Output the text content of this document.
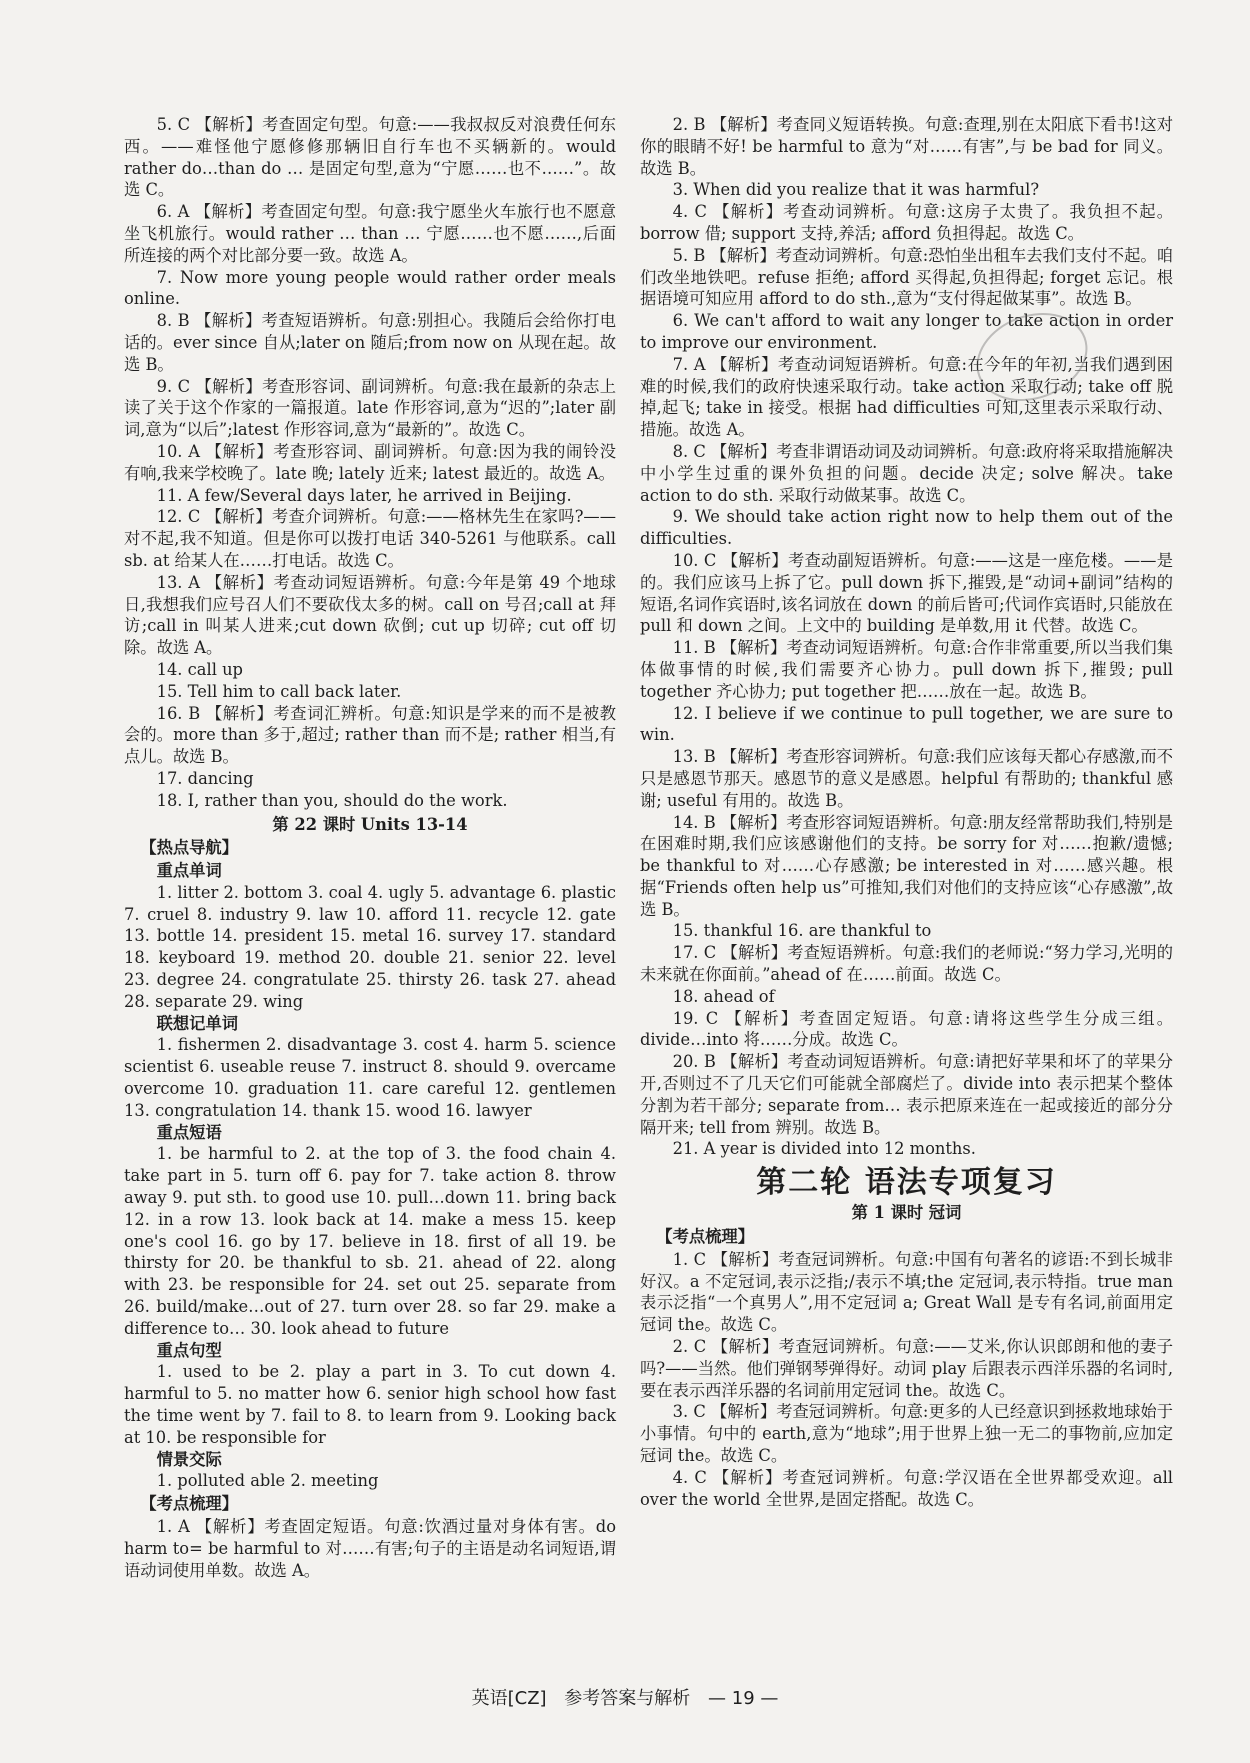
5. C 【解析】考查固定句型。句意:——我叔叔反对浪费任何东西。——难怪他宁愿修修那辆旧自行车也不买辆新的。would rather do…than do … 是固定句型,意为“宁愿……也不……”。故选 C。

6. A 【解析】考查固定句型。句意:我宁愿坐火车旅行也不愿意坐飞机旅行。would rather … than … 宁愿……也不愿……,后面所连接的两个对比部分要一致。故选 A。

7. Now more young people would rather order meals online.

8. B 【解析】考查短语辨析。句意:别担心。我随后会给你打电话的。ever since 自从;later on 随后;from now on 从现在起。故选 B。

9. C 【解析】考查形容词、副词辨析。句意:我在最新的杂志上读了关于这个作家的一篇报道。late 作形容词,意为“迟的”;later 副词,意为“以后”;latest 作形容词,意为“最新的”。故选 C。

10. A 【解析】考查形容词、副词辨析。句意:因为我的闹铃没有响,我来学校晚了。late 晚; lately 近来; latest 最近的。故选 A。

11. A few/Several days later, he arrived in Beijing.

12. C 【解析】考查介词辨析。句意:——格林先生在家吗?——对不起,我不知道。但是你可以拨打电话 340-5261 与他联系。call sb. at 给某人在……打电话。故选 C。

13. A 【解析】考查动词短语辨析。句意:今年是第 49 个地球日,我想我们应号召人们不要砍伐太多的树。call on 号召;call at 拜访;call in 叫某人进来;cut down 砍倒; cut up 切碎; cut off 切除。故选 A。

14. call up

15. Tell him to call back later.

16. B 【解析】考查词汇辨析。句意:知识是学来的而不是被教会的。more than 多于,超过; rather than 而不是; rather 相当,有点儿。故选 B。

17. dancing

18. I, rather than you, should do the work.

第 22 课时 Units 13-14
【热点导航】
重点单词

1. litter 2. bottom 3. coal 4. ugly 5. advantage 6. plastic 7. cruel 8. industry 9. law 10. afford 11. recycle 12. gate 13. bottle 14. president 15. metal 16. survey 17. standard 18. keyboard 19. method 20. double 21. senior 22. level 23. degree 24. congratulate 25. thirsty 26. task 27. ahead 28. separate 29. wing

联想记单词

1. fishermen 2. disadvantage 3. cost 4. harm 5. science scientist 6. useable reuse 7. instruct 8. should 9. overcame overcome 10. graduation 11. care careful 12. gentlemen 13. congratulation 14. thank 15. wood 16. lawyer

重点短语

1. be harmful to 2. at the top of 3. the food chain 4. take part in 5. turn off 6. pay for 7. take action 8. throw away 9. put sth. to good use 10. pull…down 11. bring back 12. in a row 13. look back at 14. make a mess 15. keep one's cool 16. go by 17. believe in 18. first of all 19. be thirsty for 20. be thankful to sb. 21. ahead of 22. along with 23. be responsible for 24. set out 25. separate from 26. build/make…out of 27. turn over 28. so far 29. make a difference to… 30. look ahead to future

重点句型

1. used to be 2. play a part in 3. To cut down 4. harmful to 5. no matter how 6. senior high school how fast the time went by 7. fail to 8. to learn from 9. Looking back at 10. be responsible for

情景交际

1. polluted able 2. meeting

【考点梳理】

1. A 【解析】考查固定短语。句意:饮酒过量对身体有害。do harm to= be harmful to 对……有害;句子的主语是动名词短语,谓语动词使用单数。故选 A。

2. B 【解析】考查同义短语转换。句意:查理,别在太阳底下看书!这对你的眼睛不好! be harmful to 意为“对……有害”,与 be bad for 同义。故选 B。

3. When did you realize that it was harmful?

4. C 【解析】考查动词辨析。句意:这房子太贵了。我负担不起。borrow 借; support 支持,养活; afford 负担得起。故选 C。

5. B 【解析】考查动词辨析。句意:恐怕坐出租车去我们支付不起。咱们改坐地铁吧。refuse 拒绝; afford 买得起,负担得起; forget 忘记。根据语境可知应用 afford to do sth.,意为“支付得起做某事”。故选 B。

6. We can't afford to wait any longer to take action in order to improve our environment.

7. A 【解析】考查动词短语辨析。句意:在今年的年初,当我们遇到困难的时候,我们的政府快速采取行动。take action 采取行动; take off 脱掉,起飞; take in 接受。根据 had difficulties 可知,这里表示采取行动、措施。故选 A。

8. C 【解析】考查非谓语动词及动词辨析。句意:政府将采取措施解决中小学生过重的课外负担的问题。decide 决定; solve 解决。take action to do sth. 采取行动做某事。故选 C。

9. We should take action right now to help them out of the difficulties.

10. C 【解析】考查动副短语辨析。句意:——这是一座危楼。——是的。我们应该马上拆了它。pull down 拆下,摧毁,是“动词+副词”结构的短语,名词作宾语时,该名词放在 down 的前后皆可;代词作宾语时,只能放在 pull 和 down 之间。上文中的 building 是单数,用 it 代替。故选 C。

11. B 【解析】考查动词短语辨析。句意:合作非常重要,所以当我们集体做事情的时候,我们需要齐心协力。pull down 拆下,摧毁; pull together 齐心协力; put together 把……放在一起。故选 B。

12. I believe if we continue to pull together, we are sure to win.

13. B 【解析】考查形容词辨析。句意:我们应该每天都心存感激,而不只是感恩节那天。感恩节的意义是感恩。helpful 有帮助的; thankful 感谢; useful 有用的。故选 B。

14. B 【解析】考查形容词短语辨析。句意:朋友经常帮助我们,特别是在困难时期,我们应该感谢他们的支持。be sorry for 对……抱歉/遗憾; be thankful to 对……心存感激; be interested in 对……感兴趣。根据“Friends often help us”可推知,我们对他们的支持应该“心存感激”,故选 B。

15. thankful 16. are thankful to

17. C 【解析】考查短语辨析。句意:我们的老师说:“努力学习,光明的未来就在你面前。”ahead of 在……前面。故选 C。

18. ahead of

19. C 【解析】考查固定短语。句意:请将这些学生分成三组。divide…into 将……分成。故选 C。

20. B 【解析】考查动词短语辨析。句意:请把好苹果和坏了的苹果分开,否则过不了几天它们可能就全部腐烂了。divide into 表示把某个整体分割为若干部分; separate from… 表示把原来连在一起或接近的部分分隔开来; tell from 辨别。故选 B。

21. A year is divided into 12 months.

第二轮 语法专项复习
第 1 课时 冠词
【考点梳理】

1. C 【解析】考查冠词辨析。句意:中国有句著名的谚语:不到长城非好汉。a 不定冠词,表示泛指;/表示不填;the 定冠词,表示特指。true man 表示泛指“一个真男人”,用不定冠词 a; Great Wall 是专有名词,前面用定冠词 the。故选 C。

2. C 【解析】考查冠词辨析。句意:——艾米,你认识郎朗和他的妻子吗?——当然。他们弹钢琴弹得好。动词 play 后跟表示西洋乐器的名词时,要在表示西洋乐器的名词前用定冠词 the。故选 C。

3. C 【解析】考查冠词辨析。句意:更多的人已经意识到拯救地球始于小事情。句中的 earth,意为“地球”;用于世界上独一无二的事物前,应加定冠词 the。故选 C。

4. C 【解析】考查冠词辨析。句意:学汉语在全世界都受欢迎。all over the world 全世界,是固定搭配。故选 C。

英语[CZ] 参考答案与解析 — 19 —
